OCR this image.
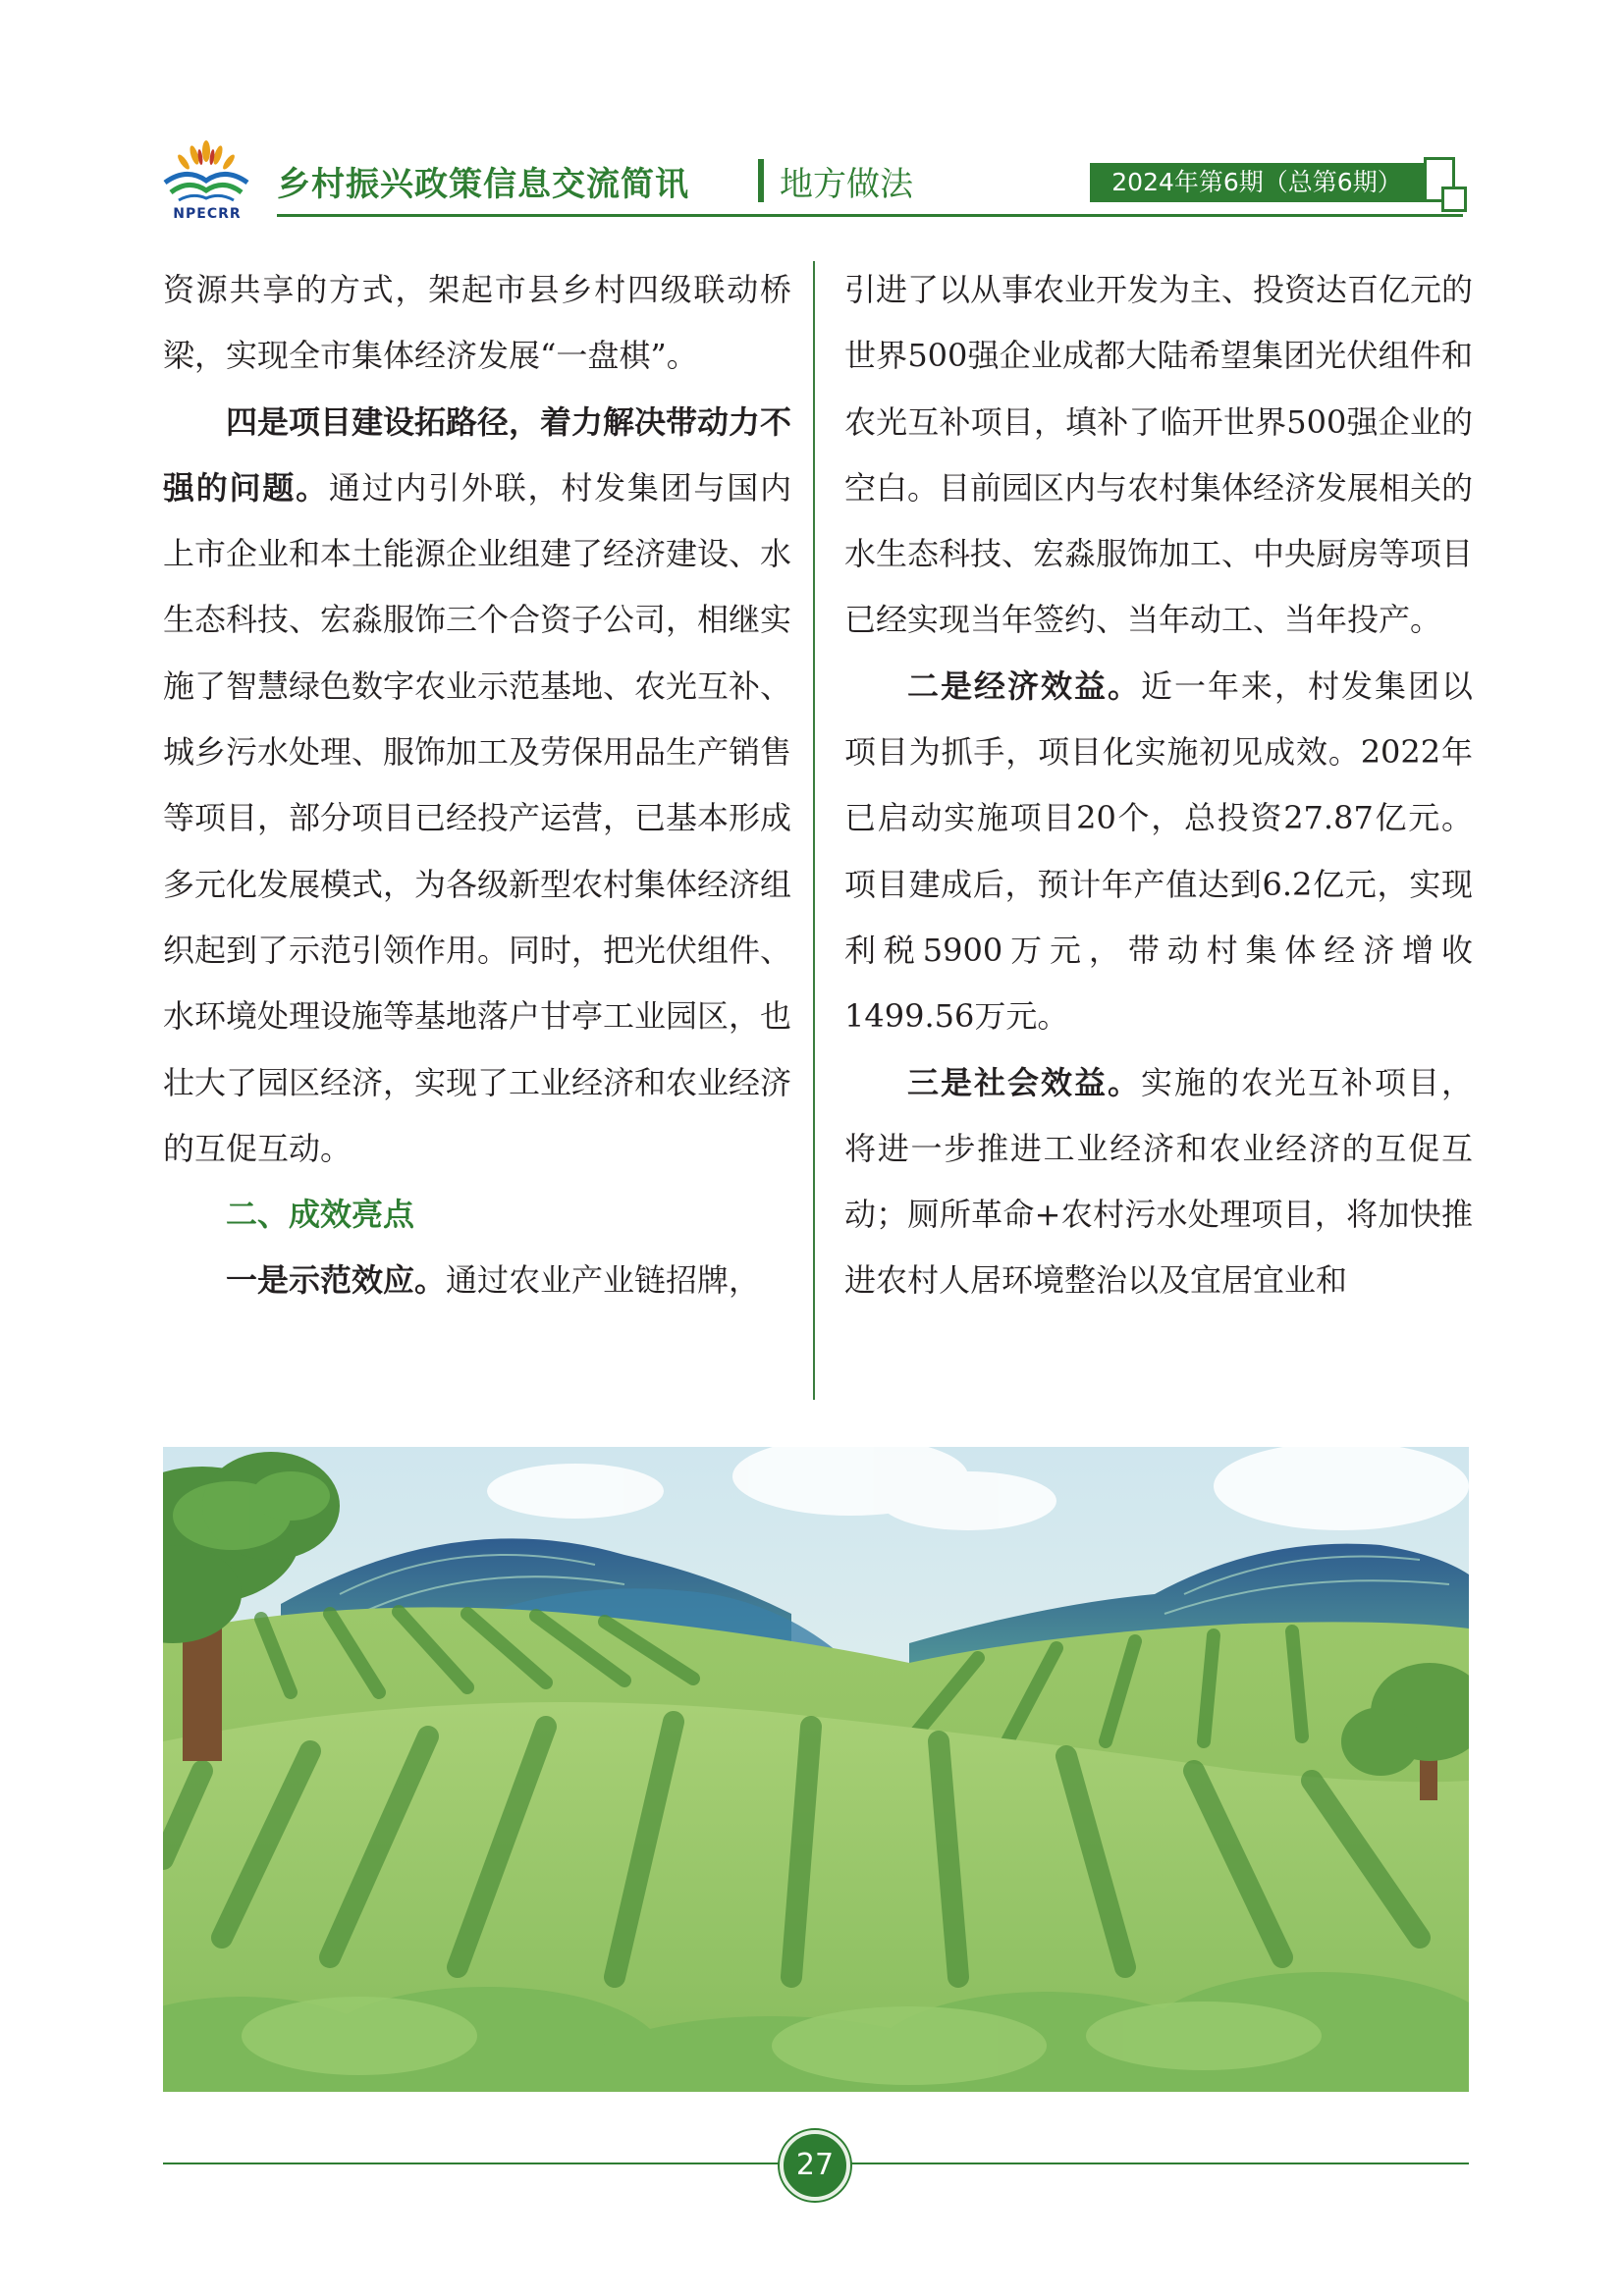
NPECRR
乡村振兴政策信息交流简讯	地方做法	2024年第6期（总第6期）

资源共享的方式，架起市县乡村四级联动桥梁，实现全市集体经济发展“一盘棋”。

四是项目建设拓路径，着力解决带动力不强的问题。通过内引外联，村发集团与国内上市企业和本土能源企业组建了经济建设、水生态科技、宏淼服饰三个合资子公司，相继实施了智慧绿色数字农业示范基地、农光互补、城乡污水处理、服饰加工及劳保用品生产销售等项目，部分项目已经投产运营，已基本形成多元化发展模式，为各级新型农村集体经济组织起到了示范引领作用。同时，把光伏组件、水环境处理设施等基地落户甘亭工业园区，也壮大了园区经济，实现了工业经济和农业经济的互促互动。

二、成效亮点

一是示范效应。通过农业产业链招牌，

引进了以从事农业开发为主、投资达百亿元的世界500强企业成都大陆希望集团光伏组件和农光互补项目，填补了临开世界500强企业的空白。目前园区内与农村集体经济发展相关的水生态科技、宏淼服饰加工、中央厨房等项目已经实现当年签约、当年动工、当年投产。

二是经济效益。近一年来，村发集团以项目为抓手，项目化实施初见成效。2022年已启动实施项目20个，总投资27.87亿元。项目建成后，预计年产值达到6.2亿元，实现利税5900万元，带动村集体经济增收1499.56万元。

三是社会效益。实施的农光互补项目，将进一步推进工业经济和农业经济的互促互动；厕所革命+农村污水处理项目，将加快推进农村人居环境整治以及宜居宜业和

27
